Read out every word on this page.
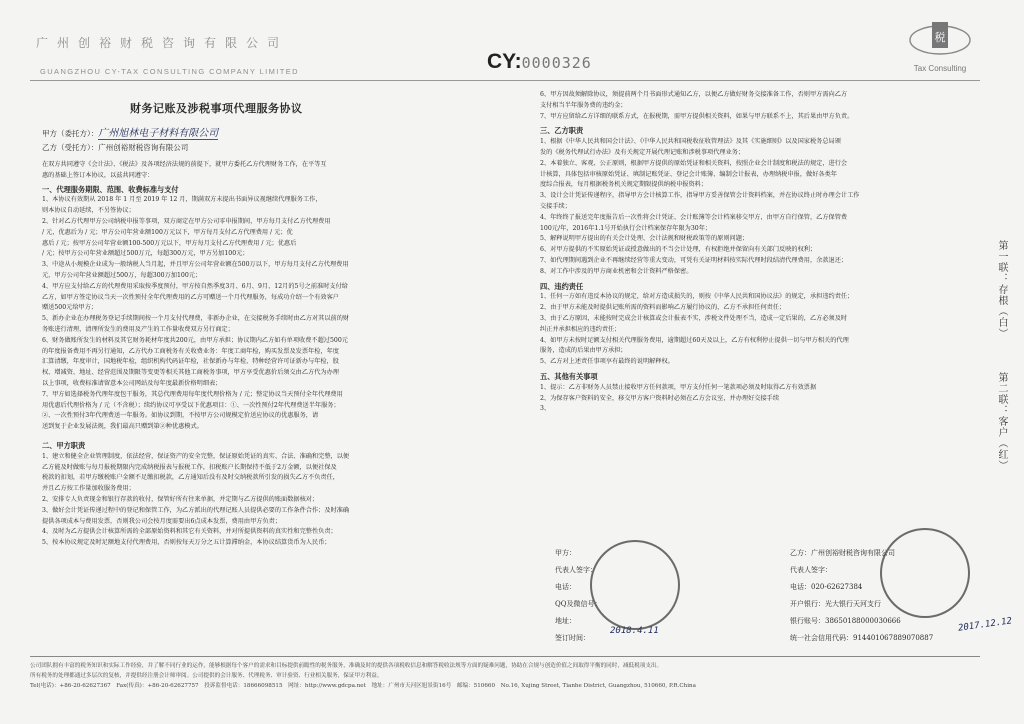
广州创裕财税咨询有限公司
GUANGZHOU CY-TAX CONSULTING COMPANY LIMITED	CY:0000326
税
Tax Consulting
财务记账及涉税事项代理服务协议
甲方（委托方）：广州旭林电子材料有限公司
乙方（受托方）：广州创裕财税咨询有限公司
在双方共同遵守《会计法》、《税法》及各项经济法规的前提下，就甲方委托乙方代理财务工作，在平等互
惠的基础上签订本协议，以兹共同遵守：
一、代理服务期限、范围、收费标准与支付
1、本协议有效期从 2018 年 1 月至 2019 年 12 月，期满双方未提出书面异议视继续代理服务工作，
则本协议自动延续，不另签协议；
2、针对乙方代理甲方公司纳税申报等事项，双方商定在甲方公司零申报期间，甲方每月支付乙方代理费用
/ 元，优惠后为 / 元；甲方公司年营业额100万元以下，甲方每月支付乙方代理费用 / 元；优
惠后 / 元；按甲方公司年营业额100-500万元以下，甲方每月支付乙方代理费用 / 元；优惠后
/ 元；按甲方公司年营业额超过500万元，每超300万元，甲方另加100元；
3、中途从小规模企业成为一般纳税人当月起，并且甲方公司年营业额在500万以下，甲方每月支付乙方代理费用
元，甲方公司年营业额超过500万，每超300万加100元；
4、甲方应支付给乙方的代理费用采取按季度预付，甲方按自然季度3月、6月、9月、12月的5号之前准时支付给
乙方，如甲方签定协议当天一次性预付全年代理费用的乙方可赠送一个月代理服务，每成功介绍一个有效客户
赠送500元给甲方；
5、新办企业在办理税务登记手续期间按一个月支付代理费，非新办企业，在交接税务手续时由乙方对其以前的财
务账进行清理，清理所发生的费用及产生的工作量收费双方另行商定；
6、财务做账所发生的材料及其它财务耗材年度共200元，由甲方承担；协议期内乙方如有单项收费不超过500元
的年度报备费用不再另行通知，乙方代办工商税务有关收费业务：年度工商年检，购买发票及发票年检，年度
汇算清缴，年度审计，国地税年检，组织机构代码证年检，社保新办与年检，特种经营许可证新办与年检，股
权、增减资、地址、经营范围及期限等变更等相关其他工商税务事项，甲方享受优惠价后须交由乙方代为办理
以上事项，收费标准请留意本公司网站及每年度最新价格明细表；
7、甲方如选择税务代理年度包干服务，其总代理费用每年度代理价格为 / 元；整定协议当天预付全年代理费用
用优惠后代理价格为 / 元（不含税）；续约协议可享受以下优惠项目：①、一次性预付2年代理费送半年服务；
②、一次性预付3年代理费送一年服务。如协议到期，不按甲方公司规模定价送应协议的优惠服务，请
送到复于企业发展法规，我们最高只赠到第②种优惠模式。
二、甲方职责
1、建立和健全企业管理制度，依法经营，保证资产的安全完整，保证原始凭证的真实、合法、准确和完整，以便
乙方能及时做账与每月报税期限内完成纳税报表与报税工作，扣税账户长期保持不低于2万金额，以便社保及
税款的扣划，若甲方缴税账户金额不足缴扣税款，乙方通知后没有及时交纳税款所引发的损失乙方不负责任，
并且乙方按工作量加收服务费用；
2、安排专人负责现金和银行存款的收付，保管好所有往来单据，并定期与乙方提供的账面数据核对；
3、做好会计凭证传递过程中的登记和保管工作，为乙方派出的代理记账人员提供必要的工作条件合作；及时准确
提供各项成本与费用发票，否则我公司会按月度需要出6点成本发票，费用由甲方负责；
4、及时为乙方提供会计核算所需的全部原始资料和其它有关资料，并对所提供资料的真实性和完整性负责；
5、按本协议规定及时足额地支付代理费用，否则按每天万分之五计算滞纳金，本协议结算货币为人民币；
6、甲方因故须解除协议，须提前两个月书面形式通知乙方，以便乙方做好财务交接准备工作，否则甲方需向乙方
支付相当半年服务费的违约金；
7、甲方应留给乙方详细的联系方式，在报税期，需甲方提供相关资料，如果与甲方联系不上，其后果由甲方负责。
三、乙方职责
1、根据《中华人民共和国会计法》、《中华人民共和国税收征收管理法》及其《实施细则》以及国家税务总局颁
发的《税务代理试行办法》及有关规定开展代理记账和涉税事项代理业务；
2、本着独立、客观、公正原则，根据甲方提供的原始凭证和相关资料，按照企业会计制度和税法的规定，进行会
计核算，具体包括审核原始凭证、填制记账凭证、登记会计账簿、编制会计报表，办理纳税申报，做好各类年
度综合报表，每月根据税务机关规定期限提供纳税申报资料；
3、设计会计凭证传递程序，指导甲方会计核算工作，指导甲方妥善保管会计资料档案，并在协议终止时办理会计工作
交接手续；
4、年终终了报送完年度报告后一次性将会计凭证、会计账簿等会计档案移交甲方，由甲方自行保管，乙方保管费
100元/年，2016年1.1号开始执行会计档案保存年限为30年；
5、解释说明甲方提出的有关会计处理、会计法规和财税政策等的原则问题；
6、对甲方提供的不实原始凭证或授意做出的不当会计处理，有权拒绝并保留向有关部门反映的权利；
7、如代理期间遇到企业不再继续经营等重大变动，可凭有关证明材料按实际代理时段结清代理费用，余款退还；
8、对工作中涉及的甲方商业机密和会计资料严格保密。
四、违约责任
1、任何一方如有违反本协议的规定，给对方造成损失的，则按《中华人民共和国协议法》的规定，承担违约责任；
2、由于甲方未能及时提供记账所需的资料而影响乙方履行协议的，乙方不承担任何责任；
3、由于乙方原因，未能按时完成会计核算或会计报表不实，涉税文件处理不当，造成一定后果的，乙方必须及时
纠正并承担相应的违约责任；
4、如甲方未按时足额支付相关代理服务费用，逾期超过60天及以上，乙方有权利停止提供一切与甲方相关的代理
服务，造成的后果由甲方承担；
5、乙方对上述责任事项享有最终的说明解释权。
五、其他有关事项
1、提示：乙方非财务人员禁止接收甲方任何款项，甲方支付任何一笔款项必须及时取得乙方有效票据
2、为保存客户资料的安全，移交甲方客户资料时必须在乙方会议室，并办理好交接手续
3、
甲方：
代表人签字：
电话：
QQ及微信号：
地址：
签订时间：
2018.4.11
乙方：广州创裕财税咨询有限公司
代表人签字：
电话：020-62627384
开户银行：光大银行天河支行
银行账号：38650188000030666
统一社会信用代码：914401067889070887
2017.12.12
第一联：存根（白）
第二联：客户（红）
公司团队拥有丰富的税务知识和实际工作经验，并了解不同行业的运作，能够根据每个客户的需求和目标提供前瞻性的税务服务，准确及时的提供各项税收信息和解答税收法规等方面的疑难问题，协助在合规与创造价值之间取得平衡的同时，减低税项支出。
所有税务的处理都通过多层次的复核，并提供经注册会计师审阅。公司提供的会计服务、代理税务、审计验资、行业相关服务，保证甲方利益。
Tel(电话)：+86-20-62627367　Fax(传真)：+86-20-62627757　投诉监督电话：18666098515　网址：http://www.gdcpa.net　地址：广州市天河区旭景街16号　邮编：510660　No.16, Xujing Street, Tianhe District, Guangzhou, 510660, P.R.China
